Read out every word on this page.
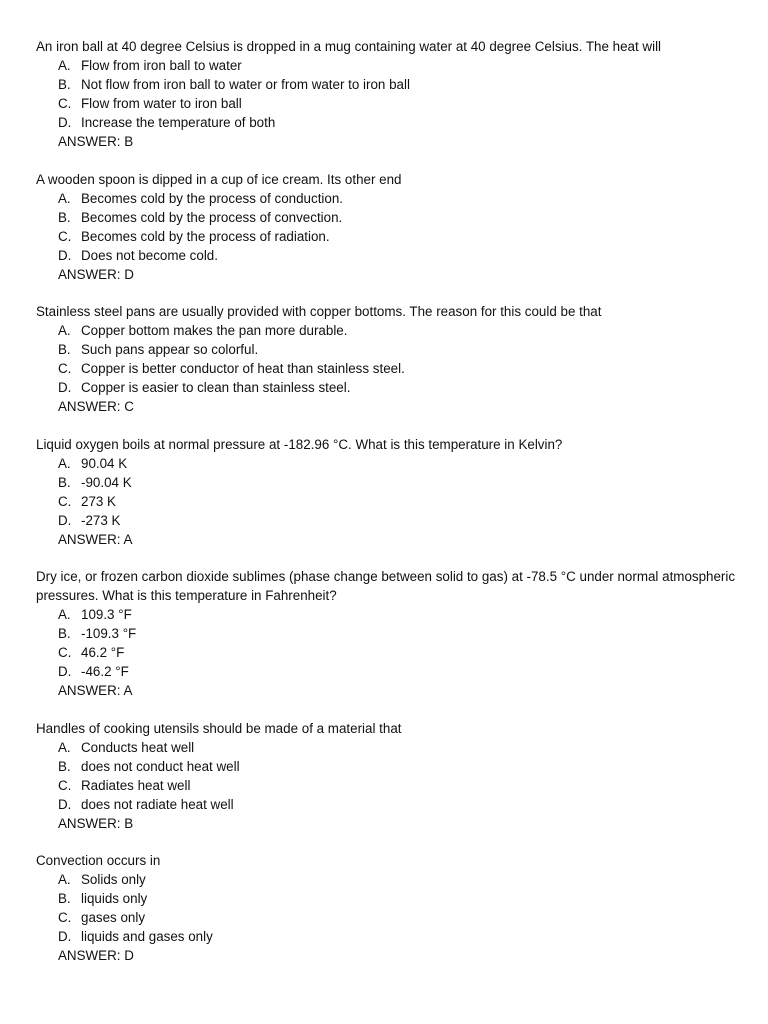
An iron ball at 40 degree Celsius is dropped in a mug containing water at 40 degree Celsius. The heat will

A. Flow from iron ball to water
B. Not flow from iron ball to water or from water to iron ball
C. Flow from water to iron ball
D. Increase the temperature of both
ANSWER: B

A wooden spoon is dipped in a cup of ice cream. Its other end

A. Becomes cold by the process of conduction.
B. Becomes cold by the process of convection.
C. Becomes cold by the process of radiation.
D. Does not become cold.
ANSWER: D

Stainless steel pans are usually provided with copper bottoms. The reason for this could be that

A. Copper bottom makes the pan more durable.
B. Such pans appear so colorful.
C. Copper is better conductor of heat than stainless steel.
D. Copper is easier to clean than stainless steel.
ANSWER: C

Liquid oxygen boils at normal pressure at -182.96 °C. What is this temperature in Kelvin?

A. 90.04 K
B. -90.04 K
C. 273 K
D. -273 K
ANSWER: A

Dry ice, or frozen carbon dioxide sublimes (phase change between solid to gas) at -78.5 °C under normal atmospheric pressures. What is this temperature in Fahrenheit?

A. 109.3 °F
B. -109.3 °F
C. 46.2 °F
D. -46.2 °F
ANSWER: A

Handles of cooking utensils should be made of a material that

A. Conducts heat well
B. does not conduct heat well
C. Radiates heat well
D. does not radiate heat well
ANSWER: B

Convection occurs in

A. Solids only
B. liquids only
C. gases only
D. liquids and gases only
ANSWER: D
